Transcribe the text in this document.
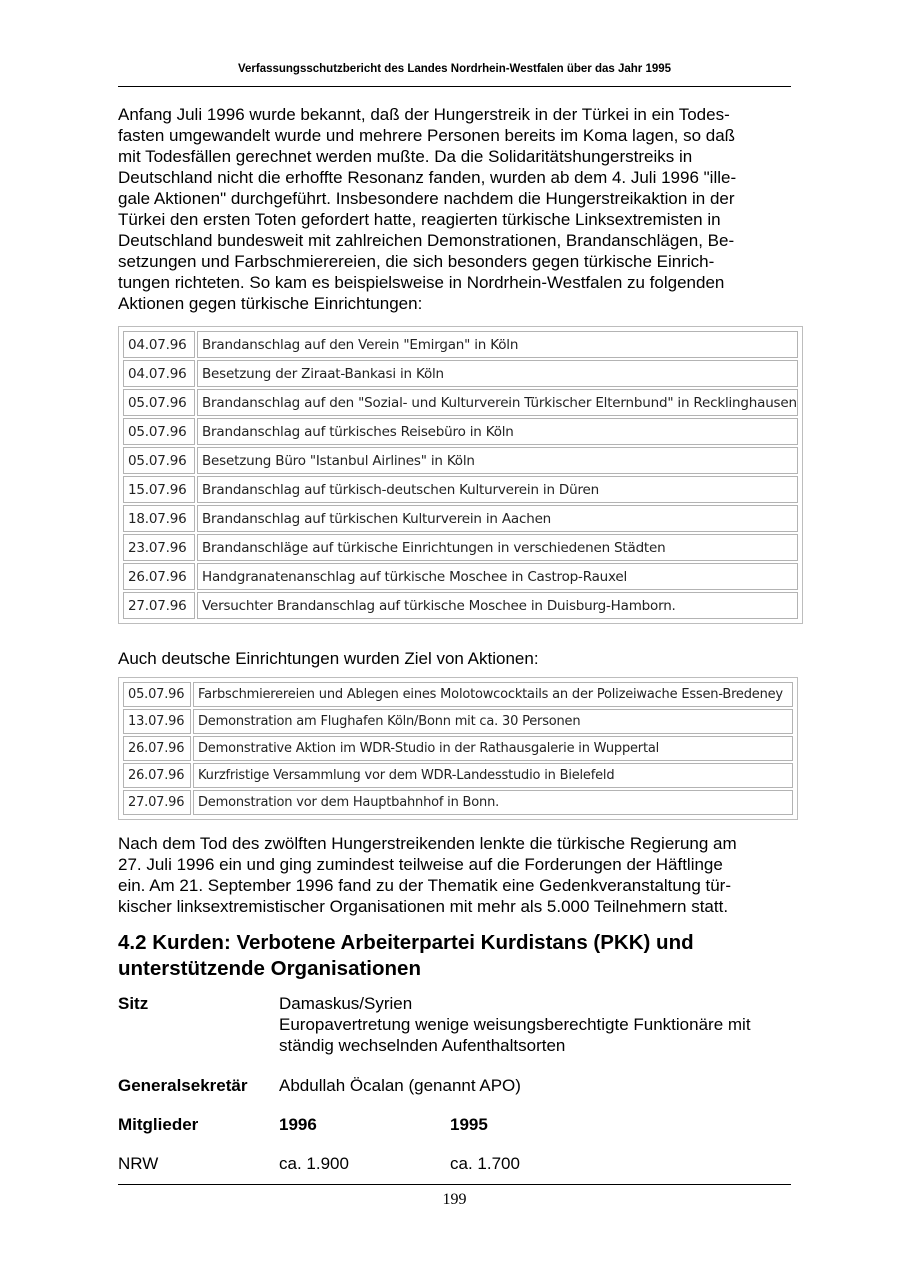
Verfassungsschutzbericht des Landes Nordrhein-Westfalen über das Jahr 1995

Anfang Juli 1996 wurde bekannt, daß der Hungerstreik in der Türkei in ein Todes-
fasten umgewandelt wurde und mehrere Personen bereits im Koma lagen, so daß
mit Todesfällen gerechnet werden mußte. Da die Solidaritätshungerstreiks in
Deutschland nicht die erhoffte Resonanz fanden, wurden ab dem 4. Juli 1996 "ille-
gale Aktionen" durchgeführt. Insbesondere nachdem die Hungerstreikaktion in der
Türkei den ersten Toten gefordert hatte, reagierten türkische Linksextremisten in
Deutschland bundesweit mit zahlreichen Demonstrationen, Brandanschlägen, Be-
setzungen und Farbschmierereien, die sich besonders gegen türkische Einrich-
tungen richteten. So kam es beispielsweise in Nordrhein-Westfalen zu folgenden
Aktionen gegen türkische Einrichtungen:

04.07.96	Brandanschlag auf den Verein "Emirgan" in Köln
04.07.96	Besetzung der Ziraat-Bankasi in Köln
05.07.96	Brandanschlag auf den "Sozial- und Kulturverein Türkischer Elternbund" in Recklinghausen
05.07.96	Brandanschlag auf türkisches Reisebüro in Köln
05.07.96	Besetzung Büro "Istanbul Airlines" in Köln
15.07.96	Brandanschlag auf türkisch-deutschen Kulturverein in Düren
18.07.96	Brandanschlag auf türkischen Kulturverein in Aachen
23.07.96	Brandanschläge auf türkische Einrichtungen in verschiedenen Städten
26.07.96	Handgranatenanschlag auf türkische Moschee in Castrop-Rauxel
27.07.96	Versuchter Brandanschlag auf türkische Moschee in Duisburg-Hamborn.

Auch deutsche Einrichtungen wurden Ziel von Aktionen:

05.07.96	Farbschmierereien und Ablegen eines Molotowcocktails an der Polizeiwache Essen-Bredeney
13.07.96	Demonstration am Flughafen Köln/Bonn mit ca. 30 Personen
26.07.96	Demonstrative Aktion im WDR-Studio in der Rathausgalerie in Wuppertal
26.07.96	Kurzfristige Versammlung vor dem WDR-Landesstudio in Bielefeld
27.07.96	Demonstration vor dem Hauptbahnhof in Bonn.

Nach dem Tod des zwölften Hungerstreikenden lenkte die türkische Regierung am
27. Juli 1996 ein und ging zumindest teilweise auf die Forderungen der Häftlinge
ein. Am 21. September 1996 fand zu der Thematik eine Gedenkveranstaltung tür-
kischer linksextremistischer Organisationen mit mehr als 5.000 Teilnehmern statt.

4.2 Kurden: Verbotene Arbeiterpartei Kurdistans (PKK) und
unterstützende Organisationen
Sitz	Damaskus/Syrien
Europavertretung wenige weisungsberechtigte Funktionäre mit
ständig wechselnden Aufenthaltsorten
Generalsekretär Abdullah Öcalan (genannt APO)
Mitglieder	1996	1995
NRW	ca. 1.900	ca. 1.700
199
